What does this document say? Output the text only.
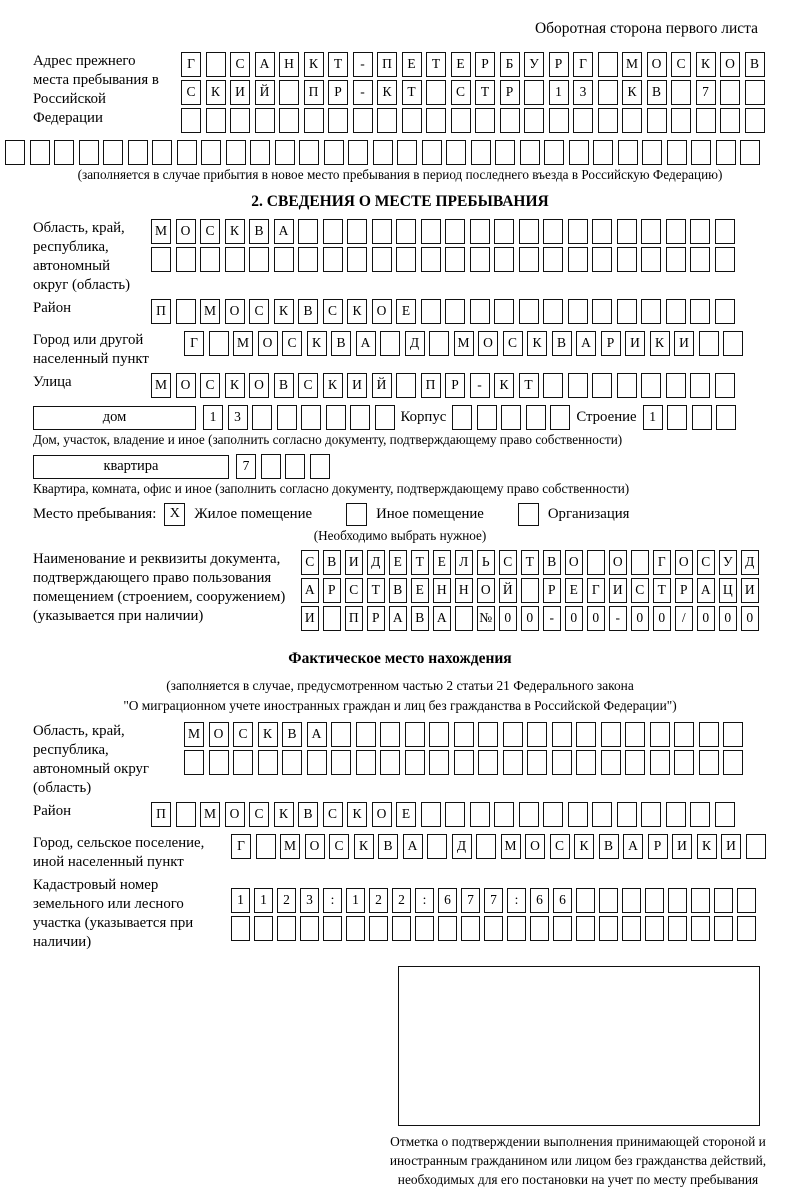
Оборотная сторона первого листа
Адрес прежнего места пребывания в Российской Федерации
Г	С	А	Н	К	Т	-	П	Е	Т	Е	Р	Б	У	Р	Г	М	О	С	К	О	В
С	К	И	Й	П	Р	-	К	Т	С	Т	Р	1	3	К	В	7
(заполняется в случае прибытия в новое место пребывания в период последнего въезда в Российскую Федерацию)
2. СВЕДЕНИЯ О МЕСТЕ ПРЕБЫВАНИЯ
Область, край, республика, автономный округ (область)
М	О	С	К	В	А
Район	П	М	О	С	К	В	С	К	О	Е
Город или другой населенный пункт
Г	М	О	С	К	В	А	Д	М	О	С	К	В	А	Р	И	К	И
Улица	М	О	С	К	О	В	С	К	И	Й	П	Р	-	К	Т
дом	1	3	Корпус	Строение 1
Дом, участок, владение и иное (заполнить согласно документу, подтверждающему право собственности)
квартира	7
Квартира, комната, офис и иное (заполнить согласно документу, подтверждающему право собственности)
Место пребывания: X Жилое помещение	Иное помещение	Организация
(Необходимо выбрать нужное)
Наименование и реквизиты документа, подтверждающего право пользования помещением (строением, сооружением) (указывается при наличии)
С В И Д Е	Т	Е Л	Ь	С Т В О	О	Г О С У Д
А Р	С Т В Е Н Н О Й	Р	Е	Г И С Т	Р А Ц И
И	П Р А В А № 0	0	-	0	0	-	0	0	/	0	0	0
Фактическое место нахождения
(заполняется в случае, предусмотренном частью 2 статьи 21 Федерального закона
"О миграционном учете иностранных граждан и лиц без гражданства в Российской Федерации")
Область, край, республика, автономный округ (область)
М	О	С	К	В	А
Район	П	М	О	С	К	В	С	К	О	Е
Город, сельское поселение, иной населенный пункт
Г	М	О	С	К	В	А	Д	М	О	С	К	В	А	Р	И	К	И
Кадастровый номер земельного или лесного участка (указывается при наличии)
1	1	2	3	:	1	2	2	:	6	7	7	:	6	6
Отметка о подтверждении выполнения принимающей стороной и иностранным гражданином или лицом без гражданства действий, необходимых для его постановки на учет по месту пребывания
